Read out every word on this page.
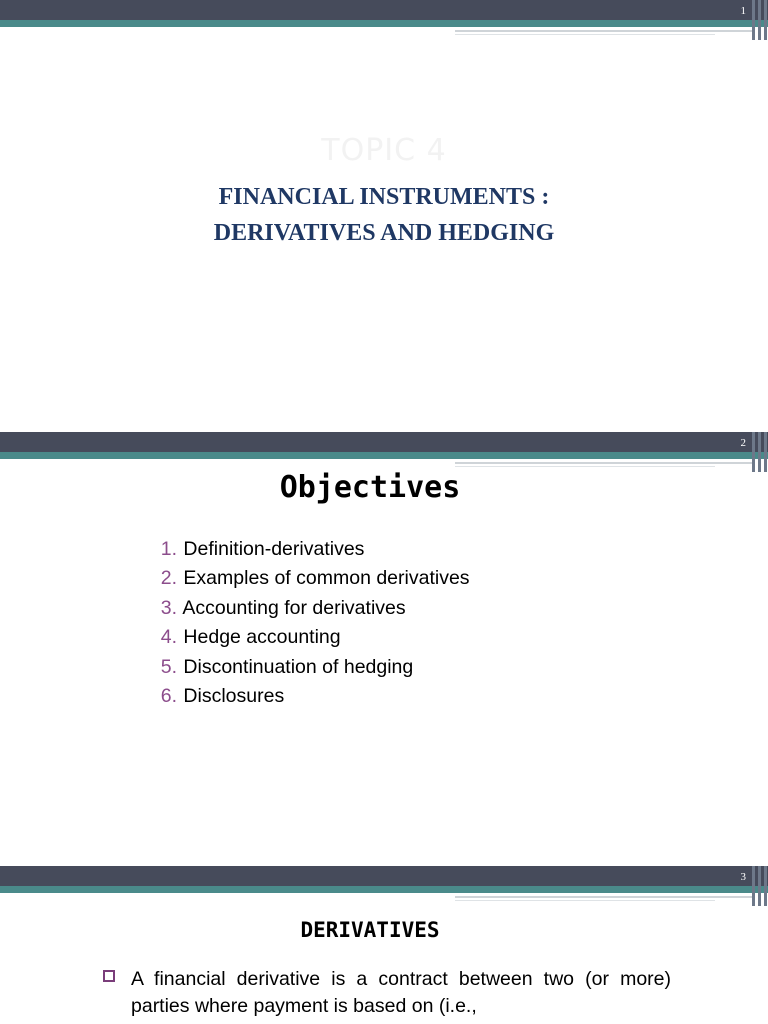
1
TOPIC 4
FINANCIAL INSTRUMENTS :
DERIVATIVES AND HEDGING
2
Objectives
1. Definition-derivatives
2. Examples of common derivatives
3. Accounting for derivatives
4. Hedge accounting
5. Discontinuation of hedging
6. Disclosures
3
DERIVATIVES
A financial derivative is a contract between two (or more) parties where payment is based on (i.e.,
